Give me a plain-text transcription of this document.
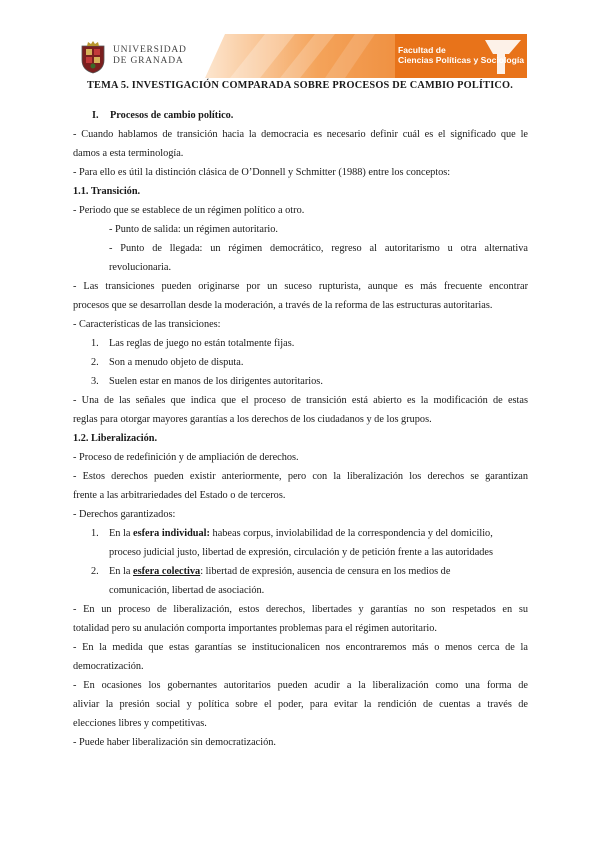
UNIVERSIDAD
DE GRANADA
Facultad de
Ciencias Políticas y Sociología
TEMA 5. INVESTIGACIÓN COMPARADA SOBRE PROCESOS DE CAMBIO POLÍTICO.
I. Procesos de cambio político.
- Cuando hablamos de transición hacia la democracia es necesario definir cuál es el significado que le
damos a esta terminología.
- Para ello es útil la distinción clásica de O’Donnell y Schmitter (1988) entre los conceptos:
1.1. Transición.
- Periodo que se establece de un régimen político a otro.
- Punto de salida: un régimen autoritario.
- Punto de llegada: un régimen democrático, regreso al autoritarismo u otra alternativa
revolucionaria.
- Las transiciones pueden originarse por un suceso rupturista, aunque es más frecuente encontrar
procesos que se desarrollan desde la moderación, a través de la reforma de las estructuras autoritarias.
- Características de las transiciones:
1. Las reglas de juego no están totalmente fijas.
2. Son a menudo objeto de disputa.
3. Suelen estar en manos de los dirigentes autoritarios.
- Una de las señales que indica que el proceso de transición está abierto es la modificación de estas
reglas para otorgar mayores garantías a los derechos de los ciudadanos y de los grupos.
1.2. Liberalización.
- Proceso de redefinición y de ampliación de derechos.
- Estos derechos pueden existir anteriormente, pero con la liberalización los derechos se garantizan
frente a las arbitrariedades del Estado o de terceros.
- Derechos garantizados:
1. En la esfera individual: habeas corpus, inviolabilidad de la correspondencia y del domicilio,
proceso judicial justo, libertad de expresión, circulación y de petición frente a las autoridades
2. En la esfera colectiva: libertad de expresión, ausencia de censura en los medios de
comunicación, libertad de asociación.
- En un proceso de liberalización, estos derechos, libertades y garantías no son respetados en su
totalidad pero su anulación comporta importantes problemas para el régimen autoritario.
- En la medida que estas garantías se institucionalicen nos encontraremos más o menos cerca de la
democratización.
- En ocasiones los gobernantes autoritarios pueden acudir a la liberalización como una forma de
aliviar la presión social y política sobre el poder, para evitar la rendición de cuentas a través de
elecciones libres y competitivas.
- Puede haber liberalización sin democratización.
